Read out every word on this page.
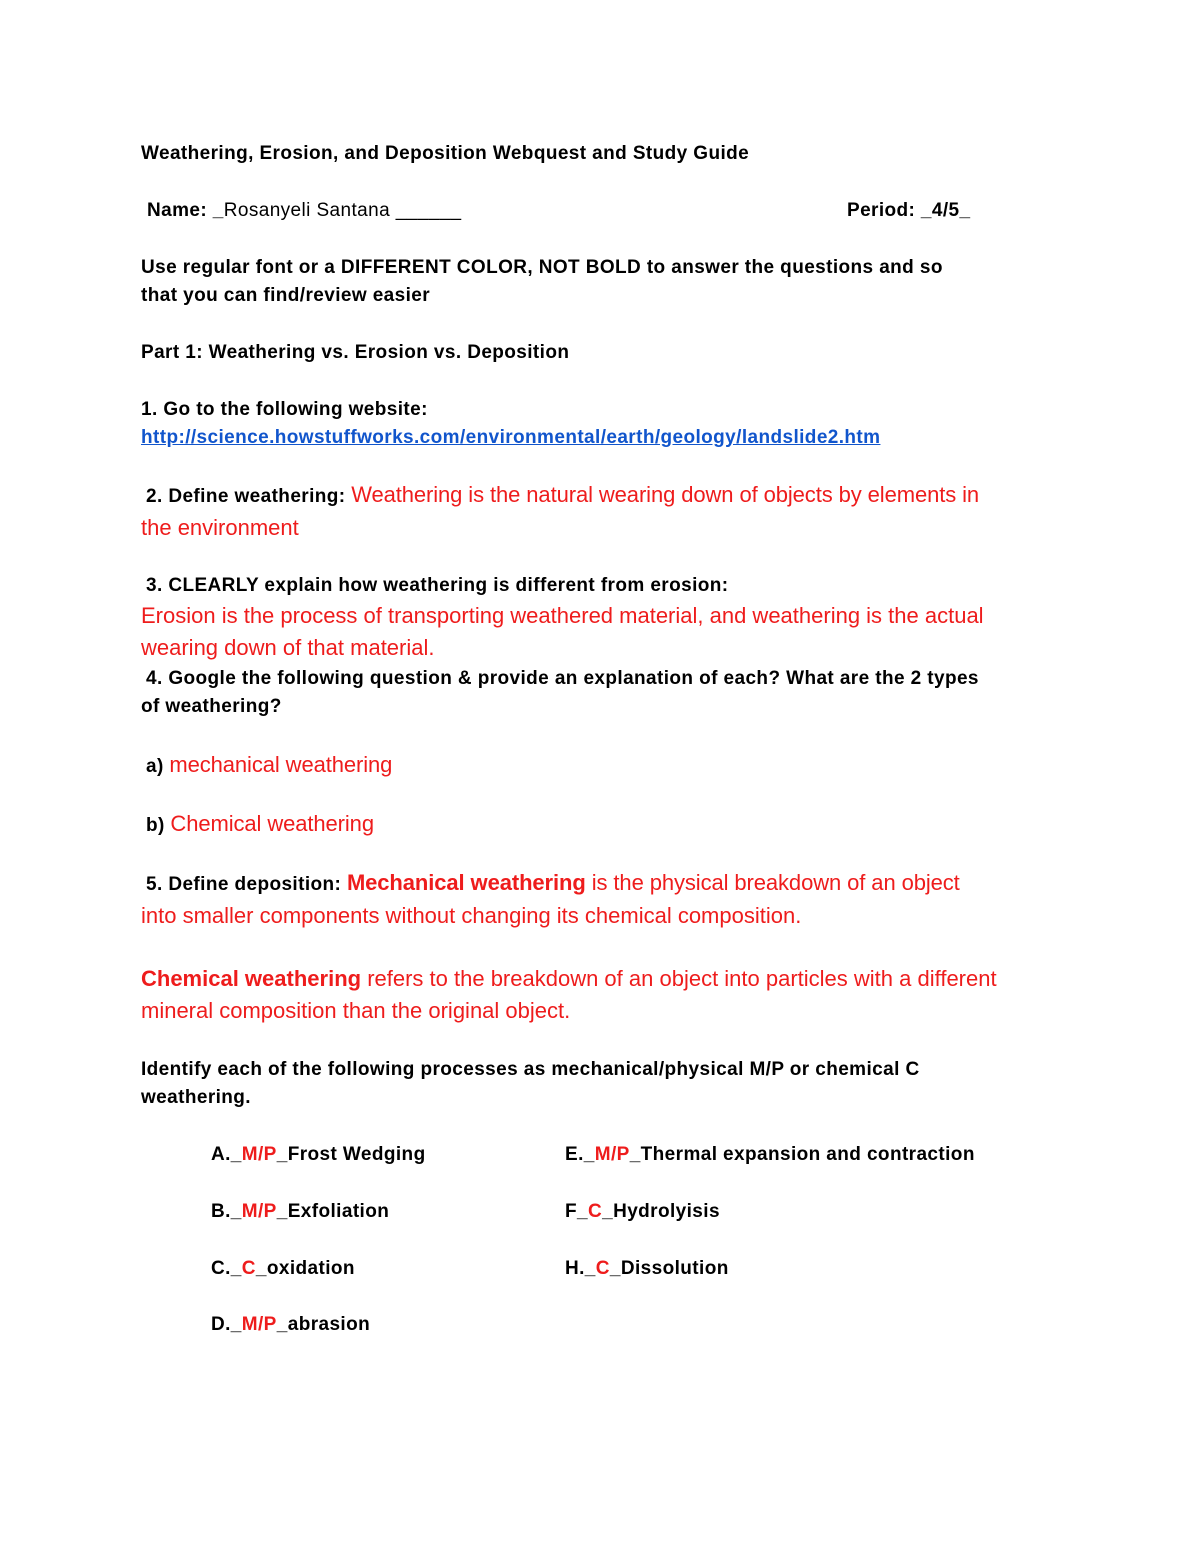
Weathering, Erosion, and Deposition Webquest and Study Guide
Name: _Rosanyeli Santana ______	Period: _4/5_
Use regular font or a DIFFERENT COLOR, NOT BOLD to answer the questions and so
that you can find/review easier
Part 1: Weathering vs. Erosion vs. Deposition
1. Go to the following website:
http://science.howstuffworks.com/environmental/earth/geology/landslide2.htm
2. Define weathering: Weathering is the natural wearing down of objects by elements in
the environment
3. CLEARLY explain how weathering is different from erosion:
Erosion is the process of transporting weathered material, and weathering is the actual
wearing down of that material.
4. Google the following question & provide an explanation of each? What are the 2 types
of weathering?
a) mechanical weathering
b) Chemical weathering
5. Define deposition: Mechanical weathering is the physical breakdown of an object
into smaller components without changing its chemical composition.
Chemical weathering refers to the breakdown of an object into particles with a different
mineral composition than the original object.
Identify each of the following processes as mechanical/physical M/P or chemical C
weathering.
A._M/P_Frost Wedging	E._M/P_Thermal expansion and contraction
B._M/P_Exfoliation	F_C_Hydrolyisis
C._C_oxidation	H._C_Dissolution
D._M/P_abrasion
